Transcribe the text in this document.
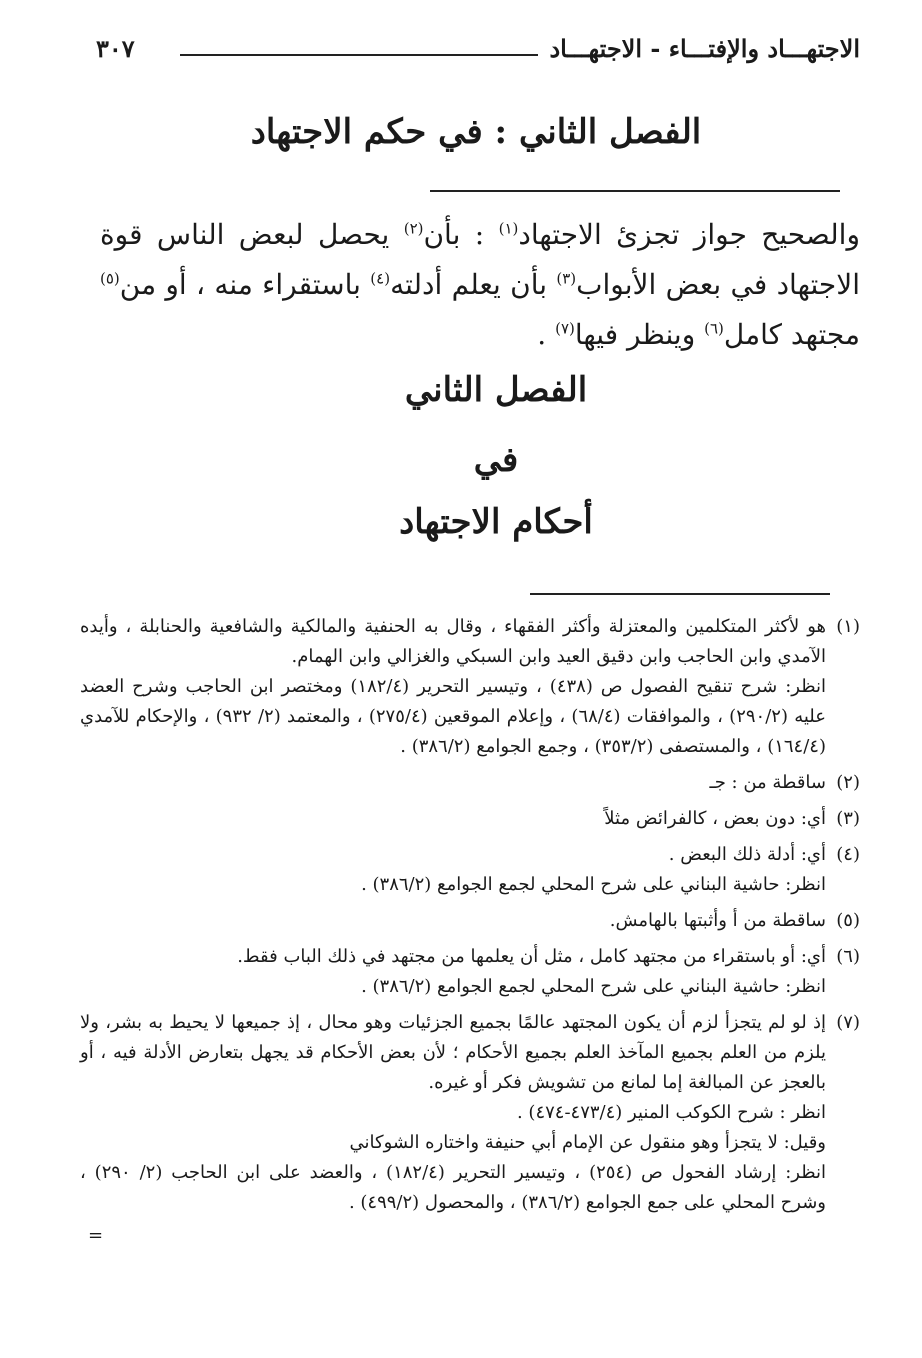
الاجتهـــاد والإفتـــاء - الاجتهـــاد
٣٠٧
الفصل الثاني : في حكم الاجتهاد
والصحيح جواز تجزئ الاجتهاد$^{(١)}$ : بأن$^{(٢)}$ يحصل لبعض الناس قوة الاجتهاد في بعض الأبواب$^{(٣)}$ بأن يعلم أدلته$^{(٤)}$ باستقراء منه ، أو من$^{(٥)}$ مجتهد كامل$^{(٦)}$ وينظر فيها$^{(٧)}$ .
الفصل الثاني
في
أحكام الاجتهاد
(١)
هو لأكثر المتكلمين والمعتزلة وأكثر الفقهاء ، وقال به الحنفية والمالكية والشافعية والحنابلة ، وأيده الآمدي وابن الحاجب وابن دقيق العيد وابن السبكي والغزالي وابن الهمام.
انظر: شرح تنقيح الفصول ص (٤٣٨) ، وتيسير التحرير (١٨٢/٤) ومختصر ابن الحاجب وشرح العضد عليه (٢٩٠/٢) ، والموافقات (٦٨/٤) ، وإعلام الموقعين (٢٧٥/٤) ، والمعتمد (٢/ ٩٣٢) ، والإحكام للآمدي (١٦٤/٤) ، والمستصفى (٣٥٣/٢) ، وجمع الجوامع (٣٨٦/٢) .
(٢)
ساقطة من : جـ
(٣)
أي: دون بعض ، كالفرائض مثلاً
(٤)
أي: أدلة ذلك البعض .
انظر: حاشية البناني على شرح المحلي لجمع الجوامع (٣٨٦/٢) .
(٥)
ساقطة من أ وأثبتها بالهامش.
(٦)
أي: أو باستقراء من مجتهد كامل ، مثل أن يعلمها من مجتهد في ذلك الباب فقط.
انظر: حاشية البناني على شرح المحلي لجمع الجوامع (٣٨٦/٢) .
(٧)
إذ لو لم يتجزأ لزم أن يكون المجتهد عالمًا بجميع الجزئيات وهو محال ، إذ جميعها لا يحيط به بشر، ولا يلزم من العلم بجميع المآخذ العلم بجميع الأحكام ؛ لأن بعض الأحكام قد يجهل بتعارض الأدلة فيه ، أو بالعجز عن المبالغة إما لمانع من تشويش فكر أو غيره.
انظر : شرح الكوكب المنير (٤٧٣/٤-٤٧٤) .
وقيل: لا يتجزأ وهو منقول عن الإمام أبي حنيفة واختاره الشوكاني
انظر: إرشاد الفحول ص (٢٥٤) ، وتيسير التحرير (١٨٢/٤) ، والعضد على ابن الحاجب (٢/ ٢٩٠) ، وشرح المحلي على جمع الجوامع (٣٨٦/٢) ، والمحصول (٤٩٩/٢) .
=
